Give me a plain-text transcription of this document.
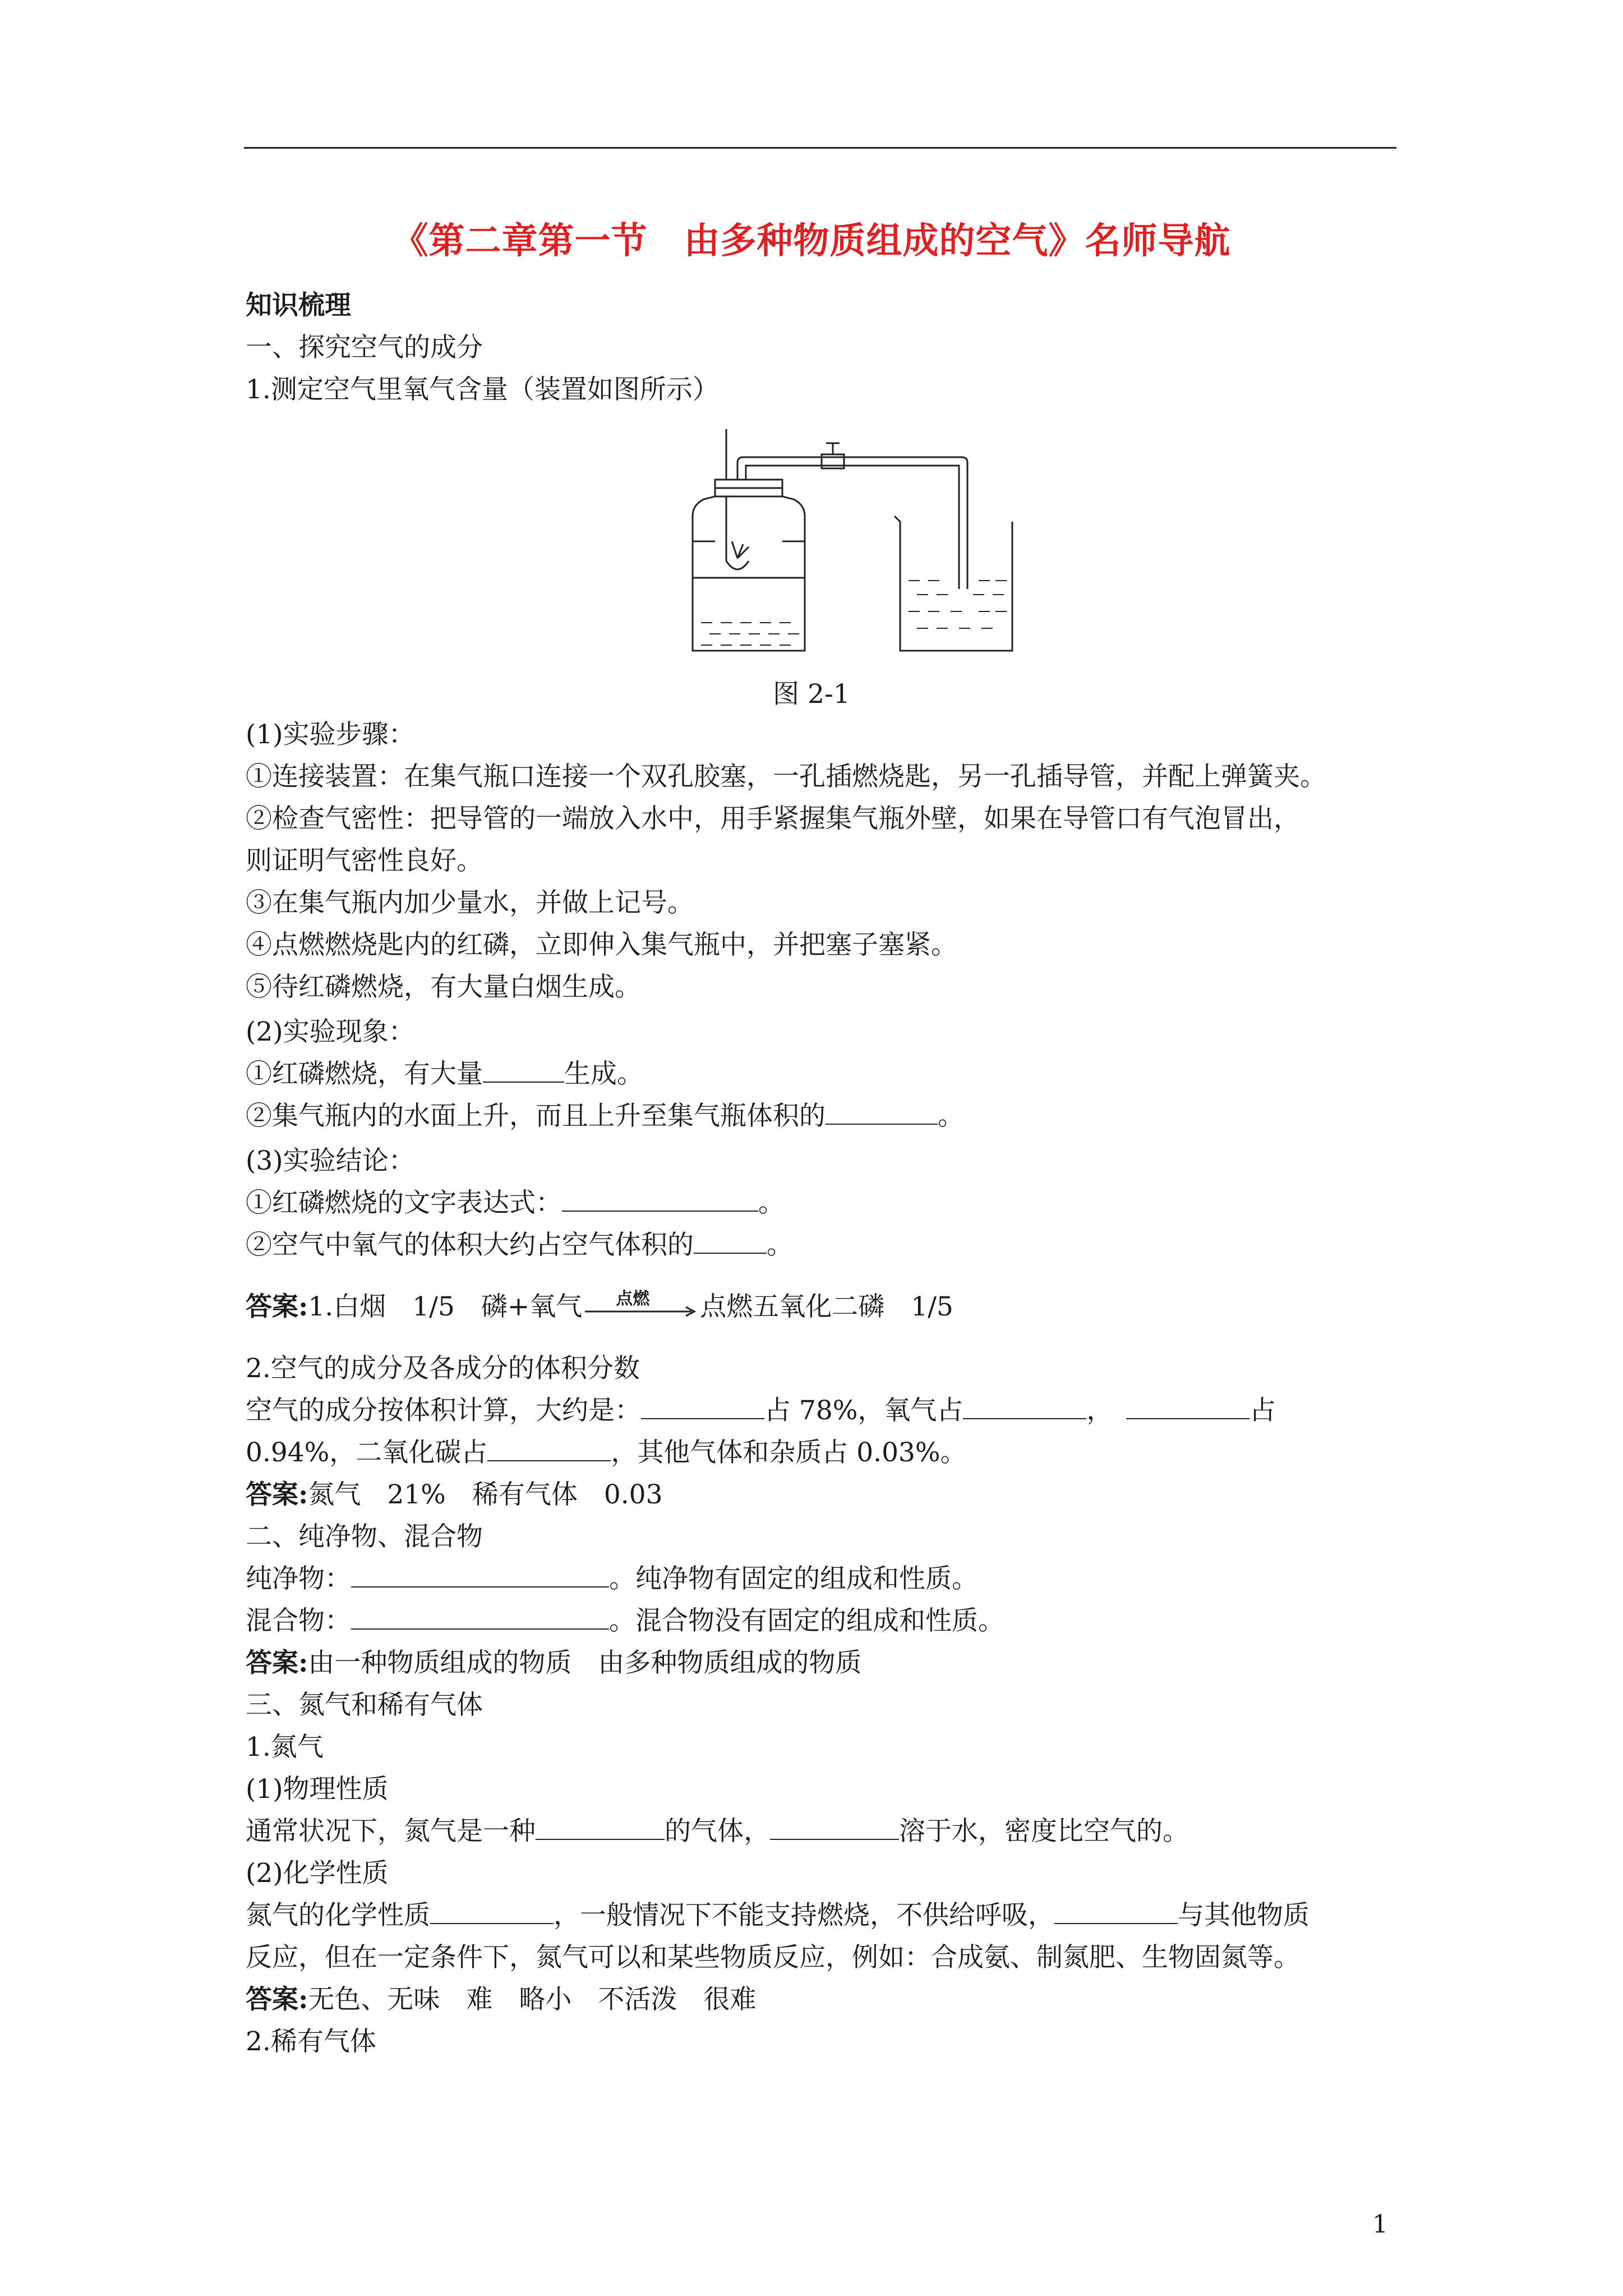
《第二章第一节　由多种物质组成的空气》名师导航
知识梳理
一、探究空气的成分
1.测定空气里氧气含量（装置如图所示）
图 2-1
(1)实验步骤：
①连接装置：在集气瓶口连接一个双孔胶塞，一孔插燃烧匙，另一孔插导管，并配上弹簧夹。
②检查气密性：把导管的一端放入水中，用手紧握集气瓶外壁，如果在导管口有气泡冒出，
则证明气密性良好。
③在集气瓶内加少量水，并做上记号。
④点燃燃烧匙内的红磷，立即伸入集气瓶中，并把塞子塞紧。
⑤待红磷燃烧，有大量白烟生成。
(2)实验现象：
①红磷燃烧，有大量	生成。
②集气瓶内的水面上升，而且上升至集气瓶体积的	。
(3)实验结论：
①红磷燃烧的文字表达式：	。
②空气中氧气的体积大约占空气体积的	。
答案:1.白烟　1/5　磷+氧气 点燃 点燃五氧化二磷　1/5
2.空气的成分及各成分的体积分数
空气的成分按体积计算，大约是：	占 78%，氧气占	，　	占
0.94%，二氧化碳占	，其他气体和杂质占 0.03%。
答案:氮气　21%　稀有气体　0.03
二、纯净物、混合物
纯净物：	。纯净物有固定的组成和性质。
混合物：	。混合物没有固定的组成和性质。
答案:由一种物质组成的物质　由多种物质组成的物质
三、氮气和稀有气体
1.氮气
(1)物理性质
通常状况下，氮气是一种	的气体，	溶于水，密度比空气的。
(2)化学性质
氮气的化学性质	，一般情况下不能支持燃烧，不供给呼吸，	与其他物质
反应，但在一定条件下，氮气可以和某些物质反应，例如：合成氨、制氮肥、生物固氮等。
答案:无色、无味　难　略小　不活泼　很难
2.稀有气体
1
